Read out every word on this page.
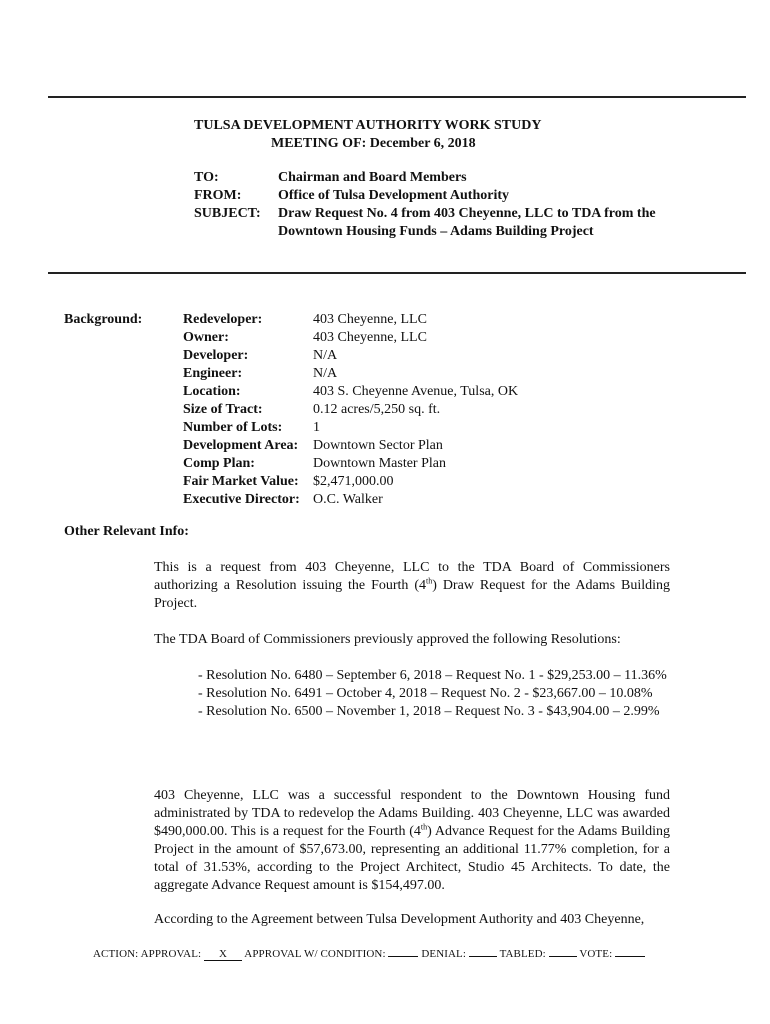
TULSA DEVELOPMENT AUTHORITY WORK STUDY
MEETING OF: December 6, 2018
TO:	Chairman and Board Members
FROM:	Office of Tulsa Development Authority
SUBJECT: Draw Request No. 4 from 403 Cheyenne, LLC to TDA from the
Downtown Housing Funds – Adams Building Project
Background:	Redeveloper:	403 Cheyenne, LLC
Owner:	403 Cheyenne, LLC
Developer:	N/A
Engineer:	N/A
Location:	403 S. Cheyenne Avenue, Tulsa, OK
Size of Tract:	0.12 acres/5,250 sq. ft.
Number of Lots: 1
Development Area: Downtown Sector Plan
Comp Plan:	Downtown Master Plan
Fair Market Value: $2,471,000.00
Executive Director: O.C. Walker
Other Relevant Info:
This is a request from 403 Cheyenne, LLC to the TDA Board of Commissioners authorizing a Resolution issuing the Fourth (4th) Draw Request for the Adams Building Project.
The TDA Board of Commissioners previously approved the following Resolutions:

- Resolution No. 6480 – September 6, 2018 – Request No. 1 - $29,253.00 – 11.36%

- Resolution No. 6491 – October 4, 2018 – Request No. 2 - $23,667.00 – 10.08%

- Resolution No. 6500 – November 1, 2018 – Request No. 3 - $43,904.00 – 2.99%

403 Cheyenne, LLC was a successful respondent to the Downtown Housing fund administrated by TDA to redevelop the Adams Building. 403 Cheyenne, LLC was awarded $490,000.00. This is a request for the Fourth (4th) Advance Request for the Adams Building Project in the amount of $57,673.00, representing an additional 11.77% completion, for a total of 31.53%, according to the Project Architect, Studio 45 Architects. To date, the aggregate Advance Request amount is $154,497.00.
According to the Agreement between Tulsa Development Authority and 403 Cheyenne,
ACTION: APPROVAL: X APPROVAL W/ CONDITION:	DENIAL:	TABLED:	VOTE:
